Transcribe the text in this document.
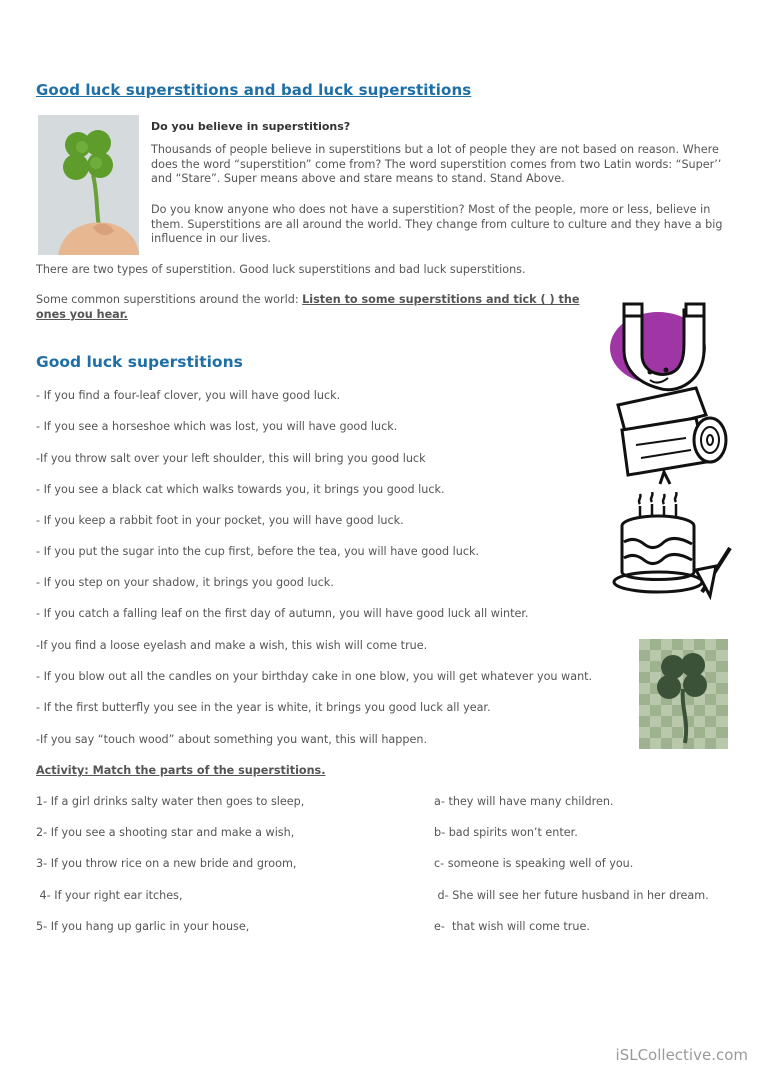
Good luck superstitions and bad luck superstitions
Do you believe in superstitions?
Thousands of people believe in superstitions but a lot of people they are not based on reason. Where does the word “superstition” come from? The word superstition comes from two Latin words: “Super’’ and “Stare”. Super means above and stare means to stand. Stand Above.
Do you know anyone who does not have a superstition? Most of the people, more or less, believe in them. Superstitions are all around the world. They change from culture to culture and they have a big influence in our lives.
There are two types of superstition. Good luck superstitions and bad luck superstitions.
Some common superstitions around the world: Listen to some superstitions and tick ( ) the ones you hear.
Good luck superstitions
- If you find a four-leaf clover, you will have good luck.
- If you see a horseshoe which was lost, you will have good luck.
-If you throw salt over your left shoulder, this will bring you good luck
- If you see a black cat which walks towards you, it brings you good luck.
- If you keep a rabbit foot in your pocket, you will have good luck.
- If you put the sugar into the cup first, before the tea, you will have good luck.
- If you step on your shadow, it brings you good luck.
- If you catch a falling leaf on the first day of autumn, you will have good luck all winter.
-If you find a loose eyelash and make a wish, this wish will come true.
- If you blow out all the candles on your birthday cake in one blow, you will get whatever you want.
- If the first butterfly you see in the year is white, it brings you good luck all year.
-If you say “touch wood” about something you want, this will happen.
Activity: Match the parts of the superstitions.
1- If a girl drinks salty water then goes to sleep,
2- If you see a shooting star and make a wish,
3- If you throw rice on a new bride and groom,
4- If your right ear itches,
5- If you hang up garlic in your house,
a- they will have many children.
b- bad spirits won’t enter.
c- someone is speaking well of you.
d- She will see her future husband in her dream.
e-  that wish will come true.
iSLCollective.com
